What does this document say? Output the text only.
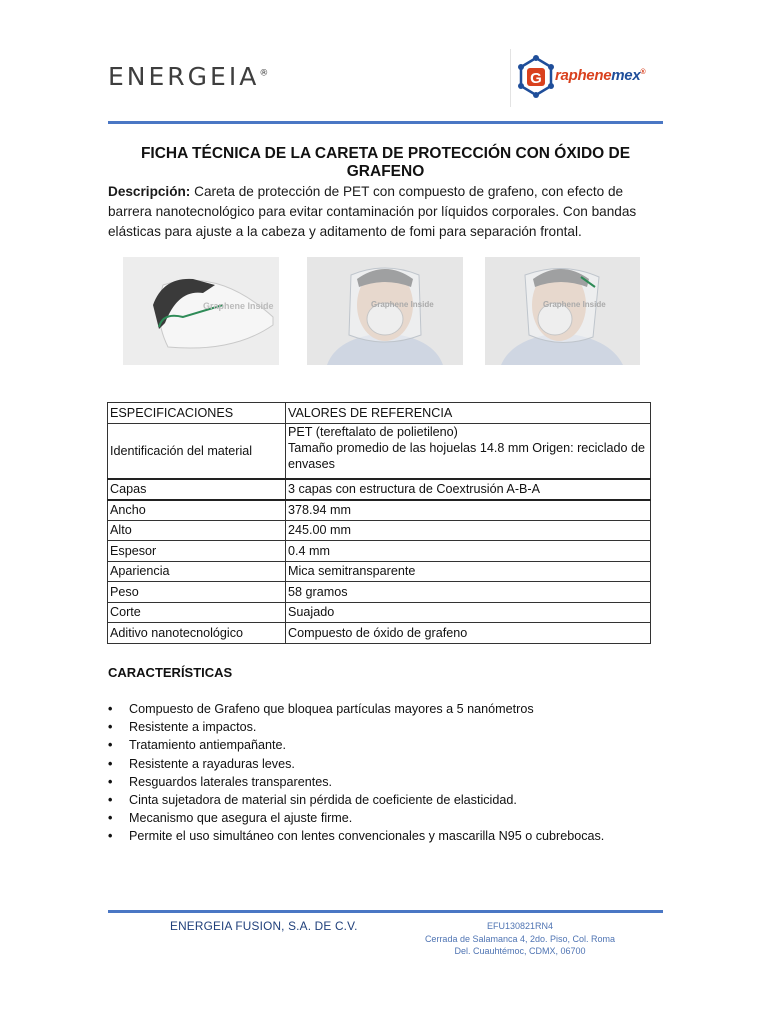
ENERGEIA®	G raphenemex®
FICHA TÉCNICA DE LA CARETA DE PROTECCIÓN CON ÓXIDO DE GRAFENO
Descripción: Careta de protección de PET con compuesto de grafeno, con efecto de barrera nanotecnológico para evitar contaminación por líquidos corporales. Con bandas elásticas para ajuste a la cabeza y aditamento de fomi para separación frontal.
Graphene Inside	Graphene Inside	Graphene Inside
ESPECIFICACIONES	VALORES DE REFERENCIA
Identificación del material	PET (tereftalato de polietileno)
Tamaño promedio de las hojuelas 14.8 mm Origen: reciclado de envases

Capas	3 capas con estructura de Coextrusión A-B-A
Ancho	378.94 mm
Alto	245.00 mm
Espesor	0.4 mm
Apariencia	Mica semitransparente
Peso	58 gramos
Corte	Suajado
Aditivo nanotecnológico	Compuesto de óxido de grafeno
CARACTERÍSTICAS
• Compuesto de Grafeno que bloquea partículas mayores a 5 nanómetros
• Resistente a impactos.
• Tratamiento antiempañante.
• Resistente a rayaduras leves.
• Resguardos laterales transparentes.
• Cinta sujetadora de material sin pérdida de coeficiente de elasticidad.
• Mecanismo que asegura el ajuste firme.
• Permite el uso simultáneo con lentes convencionales y mascarilla N95 o cubrebocas.
ENERGEIA FUSION, S.A. DE C.V.	EFU130821RN4
Cerrada de Salamanca 4, 2do. Piso, Col. Roma
Del. Cuauhtémoc, CDMX, 06700
